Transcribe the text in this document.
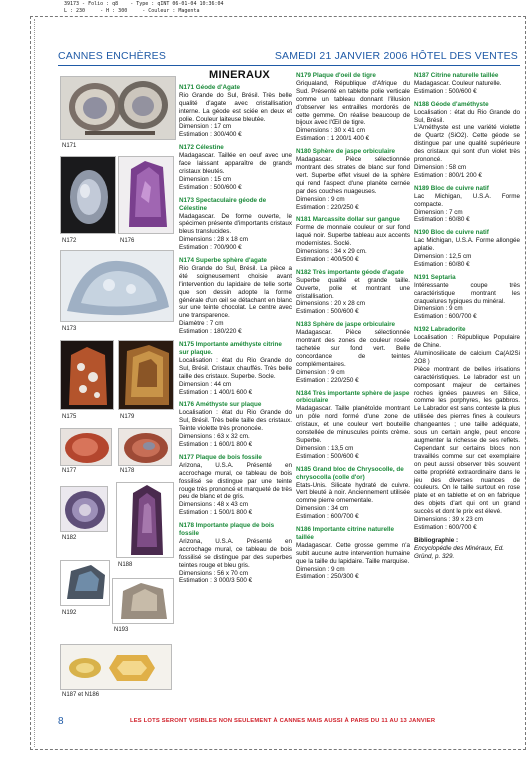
39173 - Folio : q8    - Type : qINT 06-01-04 10:36:04
L : 230     - H : 300     - Couleur : Magenta
CANNES ENCHÈRES	SAMEDI 21 JANVIER 2006 HÔTEL DES VENTES
N171
N172	N176
N173
N175	N179
N177	N178
N182
N188
N192
N193
N187 et N186
MINERAUX
N171 Géode d'Agate
Rio Grande do Sul, Brésil. Très belle qualité d'agate avec cristallisation interne. La géode est sciée en deux et polie. Couleur laiteuse bleutée.
Dimension : 17 cm
Estimation : 300/400 €
N172 Célestine
Madagascar. Taillée en oeuf avec une face laissant apparaître de grands cristaux bleutés.
Dimension : 15 cm
Estimation : 500/600 €
N173 Spectaculaire géode de Célestine
Madagascar. De forme ouverte, le spécimen présente d'importants cristaux bleus translucides.
Dimensions : 28 x 18 cm
Estimation : 700/900 €
N174 Superbe sphère d'agate
Rio Grande do Sul, Brésil. La pièce a été soigneusement choisie avant l'intervention du lapidaire de telle sorte que son dessin adopte la forme générale d'un œil se détachant en blanc sur une teinte chocolat. Le centre avec une transparence.
Diamètre : 7 cm
Estimation : 180/220 €
N175 Importante améthyste citrine sur plaque.
Localisation : état du Rio Grande do Sul, Brésil. Cristaux chauffés. Très belle taille des cristaux. Superbe. Socle.
Dimension : 44 cm
Estimation : 1 400/1 600 €
N176 Améthyste sur plaque
Localisation : état du Rio Grande do Sul, Brésil. Très belle taille des cristaux. Teinte violette très prononcée.
Dimensions : 63 x 32 cm.
Estimation : 1 600/1 800 €
N177 Plaque de bois fossile
Arizona, U.S.A. Présenté en accrochage mural, ce tableau de bois fossilisé se distingue par une teinte rouge très prononcé et marqueté de très peu de blanc et de gris.
Dimensions : 48 x 43 cm
Estimation : 1 500/1 800 €
N178 Importante plaque de bois fossile
Arizona, U.S.A. Présenté en accrochage mural, ce tableau de bois fossilisé se distingue par des superbes teintes rouge et bleu gris.
Dimensions : 56 x 70 cm
Estimation : 3 000/3 500 €
N179 Plaque d'oeil de tigre
Griqualand, République d'Afrique du Sud. Présenté en tablette polie verticale comme un tableau donnant l'illusion d'observer les entrailles mordorés de cette gemme. On réalise beaucoup de bijoux avec l'Œil de tigre.
Dimensions : 30 x 41 cm
Estimation : 1 200/1 400 €
N180 Sphère de jaspe orbiculaire
Madagascar. Pièce sélectionnée montrant des strates de blanc sur fond vert. Superbe effet visuel de la sphère qui rend l'aspect d'une planète cernée par des couches nuageuses.
Dimension : 9 cm
Estimation : 220/250 €
N181 Marcassite dollar sur gangue
Forme de monnaie couleur or sur fond laqué noir. Superbe tableau aux accents modernistes. Soclé.
Dimensions : 34 x 29 cm.
Estimation : 400/500 €
N182 Très importante géode d'agate
Superbe qualité et grande taille. Ouverte, polie et montrant une cristallisation.
Dimensions : 20 x 28 cm
Estimation : 500/600 €
N183 Sphère de jaspe orbiculaire
Madagascar. Pièce sélectionnée montrant des zones de couleur rosée tachetée sur fond vert. Belle concordance de teintes complémentaires.
Dimension : 9 cm
Estimation : 220/250 €
N184 Très importante sphère de jaspe orbiculaire
Madagascar. Taille planétoïde montrant un pôle nord formé d'une zone de cristaux, et une couleur vert bouteille constellée de minuscules points crème. Superbe.
Dimension : 13,5 cm
Estimation : 500/600 €
N185 Grand bloc de Chrysocolle, de chrysocolla (colle d'or)
Etats-Unis. Silicate hydraté de cuivre. Vert bleuté à noir. Anciennement utilisée comme pierre ornementale.
Dimension : 34 cm
Estimation : 600/700 €
N186 Importante citrine naturelle taillée
Madagascar. Cette grosse gemme n'a subit aucune autre intervention humaine que la taille du lapidaire. Taille marquise.
Dimension : 9 cm
Estimation : 250/300 €
N187 Citrine naturelle taillée
Madagascar. Couleur naturelle.
Estimation : 500/600 €
N188 Géode d'améthyste
Localisation : état du Rio Grande do Sul, Brésil.
L'Améthyste est une variété violette de Quartz (SiO2). Cette géode se distingue par une qualité supérieure des cristaux qui sont d'un violet très prononcé.
Dimension : 58 cm
Estimation : 800/1 200 €
N189 Bloc de cuivre natif
Lac Michigan, U.S.A. Forme compacte.
Dimension : 7 cm
Estimation : 60/80 €
N190 Bloc de cuivre natif
Lac Michigan, U.S.A. Forme allongée aplatie.
Dimension : 12,5 cm
Estimation : 60/80 €
N191 Septaria
Intéressante coupe très caractéristique montrant les craquelures typiques du minéral.
Dimension : 9 cm
Estimation : 600/700 €
N192 Labradorite
Localisation : République Populaire de Chine.
Aluminosilicate de calcium Ca(Al2Si 2O8 )
Pièce montrant de belles irisations caractéristiques. Le labrador est un composant majeur de certaines roches ignées pauvres en Silice, comme les porphyres, les gabbros. Le Labrador est sans conteste la plus utilisée des pierres fines à couleurs changeantes ; une taille adéquate, sous un certain angle, peut encore augmenter la richesse de ses reflets. Cependant sur certains blocs non travaillés comme sur cet exemplaire on peut aussi observer très souvent cette propriété extraordinaire dans le jeu des diverses nuances de couleurs. On le taille surtout en rose plate et en tablette et on en fabrique des objets d'art qui ont un grand succès et dont le prix est élevé.
Dimensions : 39 x 23 cm
Estimation : 600/700 €
Bibliographie :
Encyclopédie des Minéraux, Ed. Gründ, p. 329.
8	LES LOTS SERONT VISIBLES NON SEULEMENT À CANNES MAIS AUSSI À PARIS DU 11 AU 13 JANVIER
